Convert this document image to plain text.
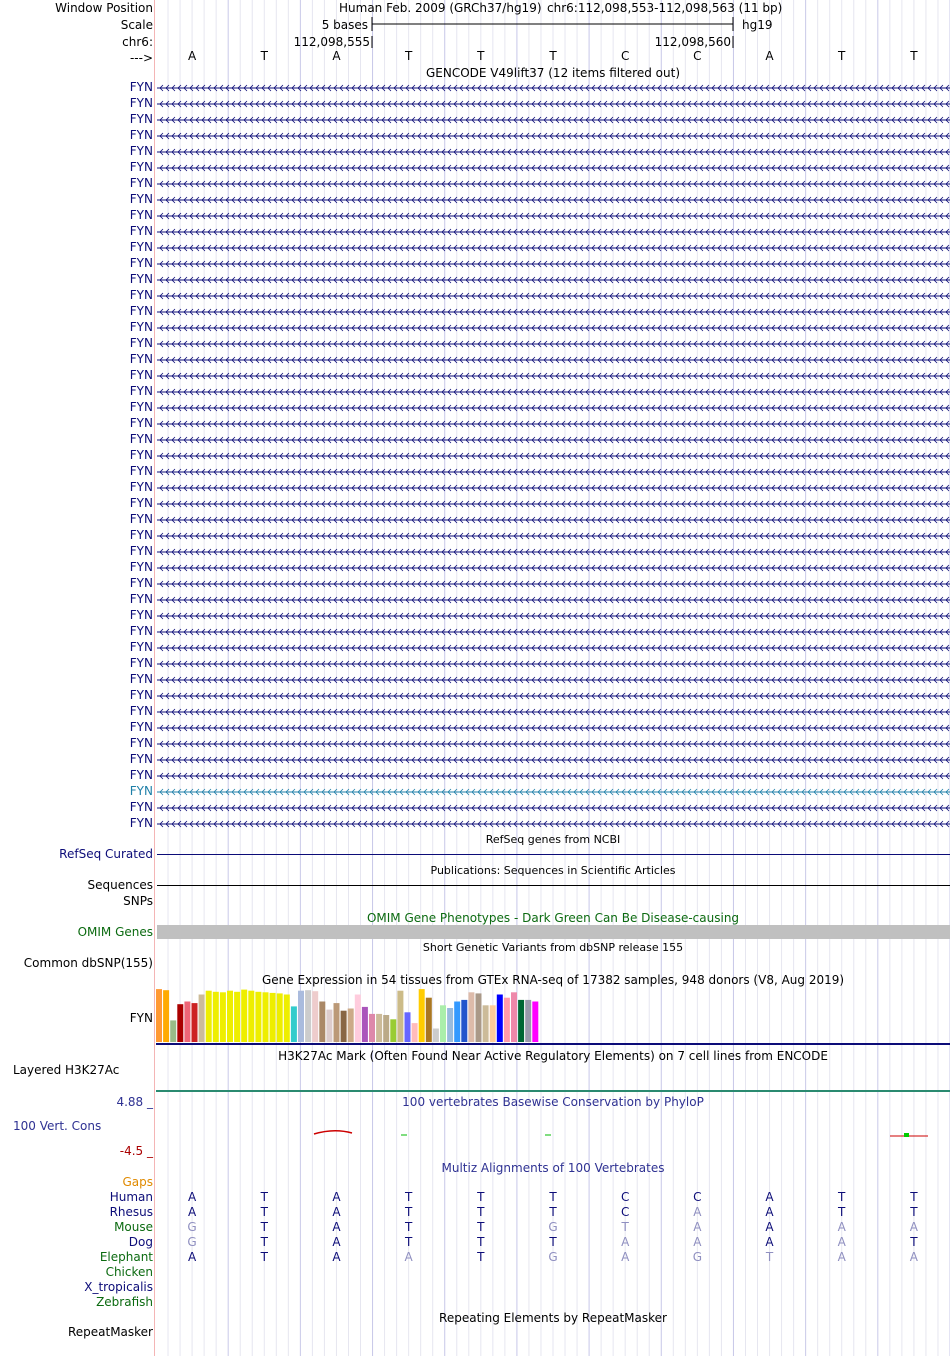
Window Position	Human Feb. 2009 (GRCh37/hg19) chr6:112,098,553-112,098,563 (11 bp)
Scale	5 bases	hg19
chr6:	112,098,555	112,098,560
--->	A	T	A	T	T	T	C	C	A	T	T
GENCODE V49lift37 (12 items filtered out)
FYN
FYN
FYN
FYN
FYN
FYN
FYN
FYN
FYN
FYN
FYN
FYN
FYN
FYN
FYN
FYN
FYN
FYN
FYN
FYN
FYN
FYN
FYN
FYN
FYN
FYN
FYN
FYN
FYN
FYN
FYN
FYN
FYN
FYN
FYN
FYN
FYN
FYN
FYN
FYN
FYN
FYN
FYN
FYN
FYN
FYN
FYN
RefSeq genes from NCBI
RefSeq Curated
Publications: Sequences in Scientific Articles
Sequences
SNPs
OMIM Gene Phenotypes - Dark Green Can Be Disease-causing
OMIM Genes
Short Genetic Variants from dbSNP release 155
Common dbSNP(155)
Gene Expression in 54 tissues from GTEx RNA-seq of 17382 samples, 948 donors (V8, Aug 2019)
FYN
H3K27Ac Mark (Often Found Near Active Regulatory Elements) on 7 cell lines from ENCODE
Layered H3K27Ac
4.88 _	100 vertebrates Basewise Conservation by PhyloP
100 Vert. Cons
-4.5 _
Multiz Alignments of 100 Vertebrates
Gaps
Human	A	T	A	T	T	T	C	C	A	T	T
Rhesus	A	T	A	T	T	T	C	A	A	T	T
Mouse	G	T	A	T	T	G	T	A	A	A	A
Dog	G	T	A	T	T	T	A	A	A	A	T
Elephant	A	T	A	A	T	G	A	G	T	A	A
Chicken
X_tropicalis
Zebrafish
Repeating Elements by RepeatMasker
RepeatMasker
